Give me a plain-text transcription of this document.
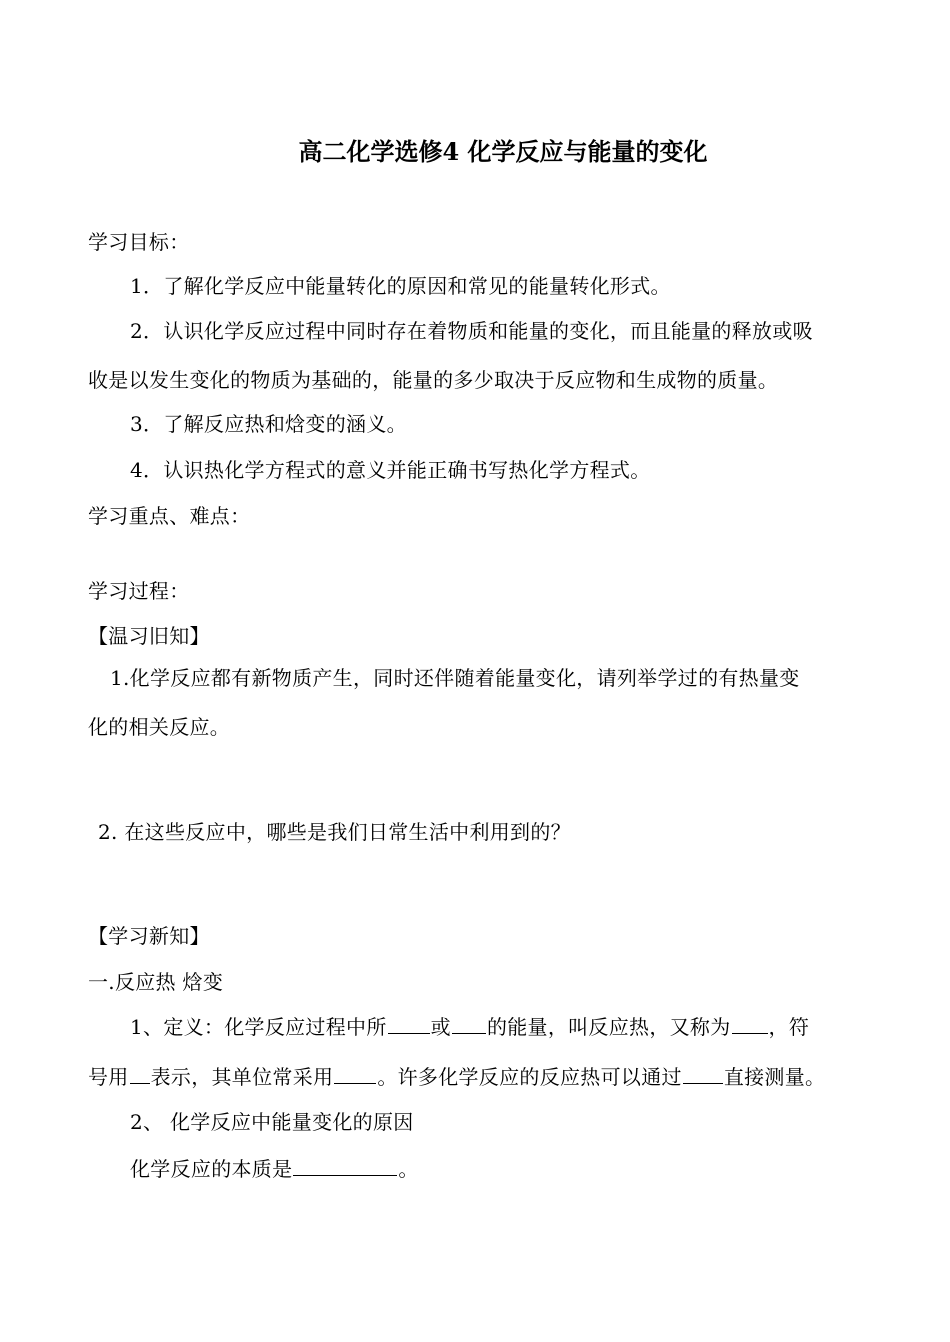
高二化学选修4 化学反应与能量的变化
学习目标：
1．了解化学反应中能量转化的原因和常见的能量转化形式。
2．认识化学反应过程中同时存在着物质和能量的变化，而且能量的释放或吸
收是以发生变化的物质为基础的，能量的多少取决于反应物和生成物的质量。
3．了解反应热和焓变的涵义。
4．认识热化学方程式的意义并能正确书写热化学方程式。
学习重点、难点：
学习过程：
【温习旧知】
1.化学反应都有新物质产生，同时还伴随着能量变化，请列举学过的有热量变
化的相关反应。
2. 在这些反应中，哪些是我们日常生活中利用到的？
【学习新知】
一.反应热 焓变
1、定义：化学反应过程中所 或 的能量，叫反应热，又称为 ，符
号用 表示，其单位常采用 。许多化学反应的反应热可以通过 直接测量。
2、 化学反应中能量变化的原因
化学反应的本质是	。
